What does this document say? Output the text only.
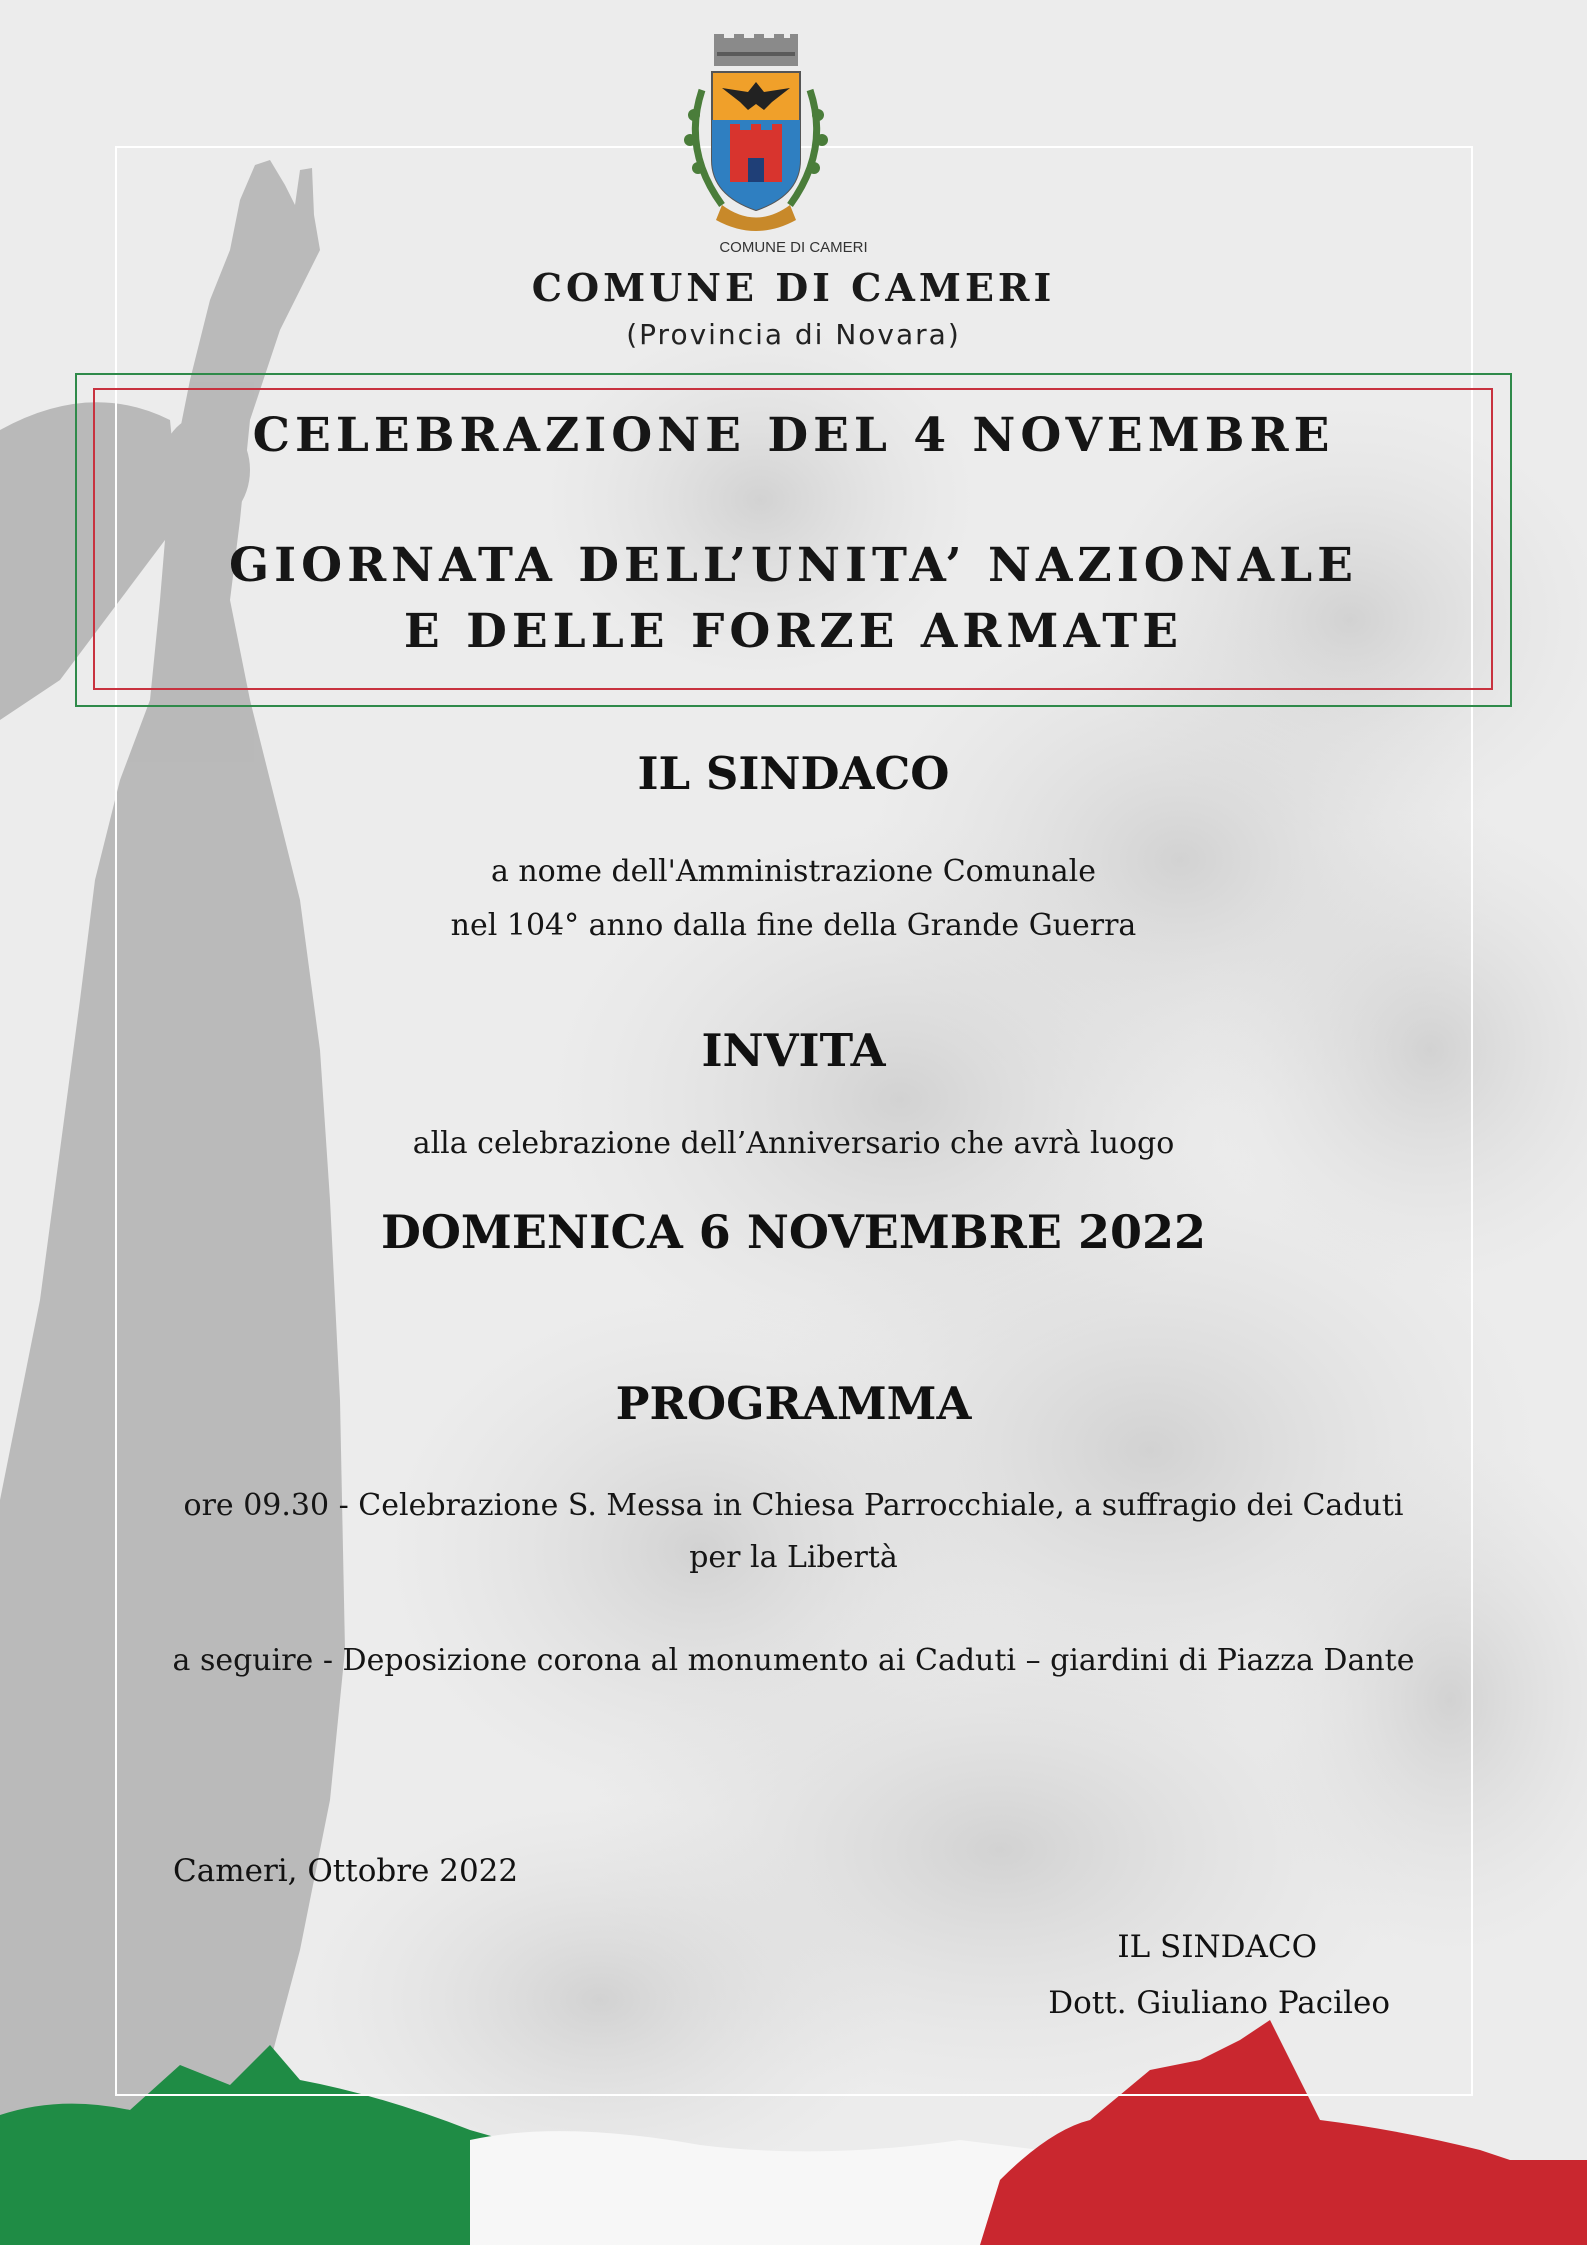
COMUNE DI CAMERI
COMUNE DI CAMERI
(Provincia di Novara)
CELEBRAZIONE DEL 4 NOVEMBRE
GIORNATA DELL’UNITA’ NAZIONALE
E DELLE FORZE ARMATE
IL SINDACO
a nome dell'Amministrazione Comunale
nel 104° anno dalla fine della Grande Guerra
INVITA
alla celebrazione dell’Anniversario che avrà luogo
DOMENICA 6 NOVEMBRE 2022
PROGRAMMA
ore 09.30 - Celebrazione S. Messa in Chiesa Parrocchiale, a suffragio dei Caduti
per la Libertà
a seguire - Deposizione corona al monumento ai Caduti – giardini di Piazza Dante
Cameri, Ottobre 2022
IL SINDACO
Dott. Giuliano Pacileo
